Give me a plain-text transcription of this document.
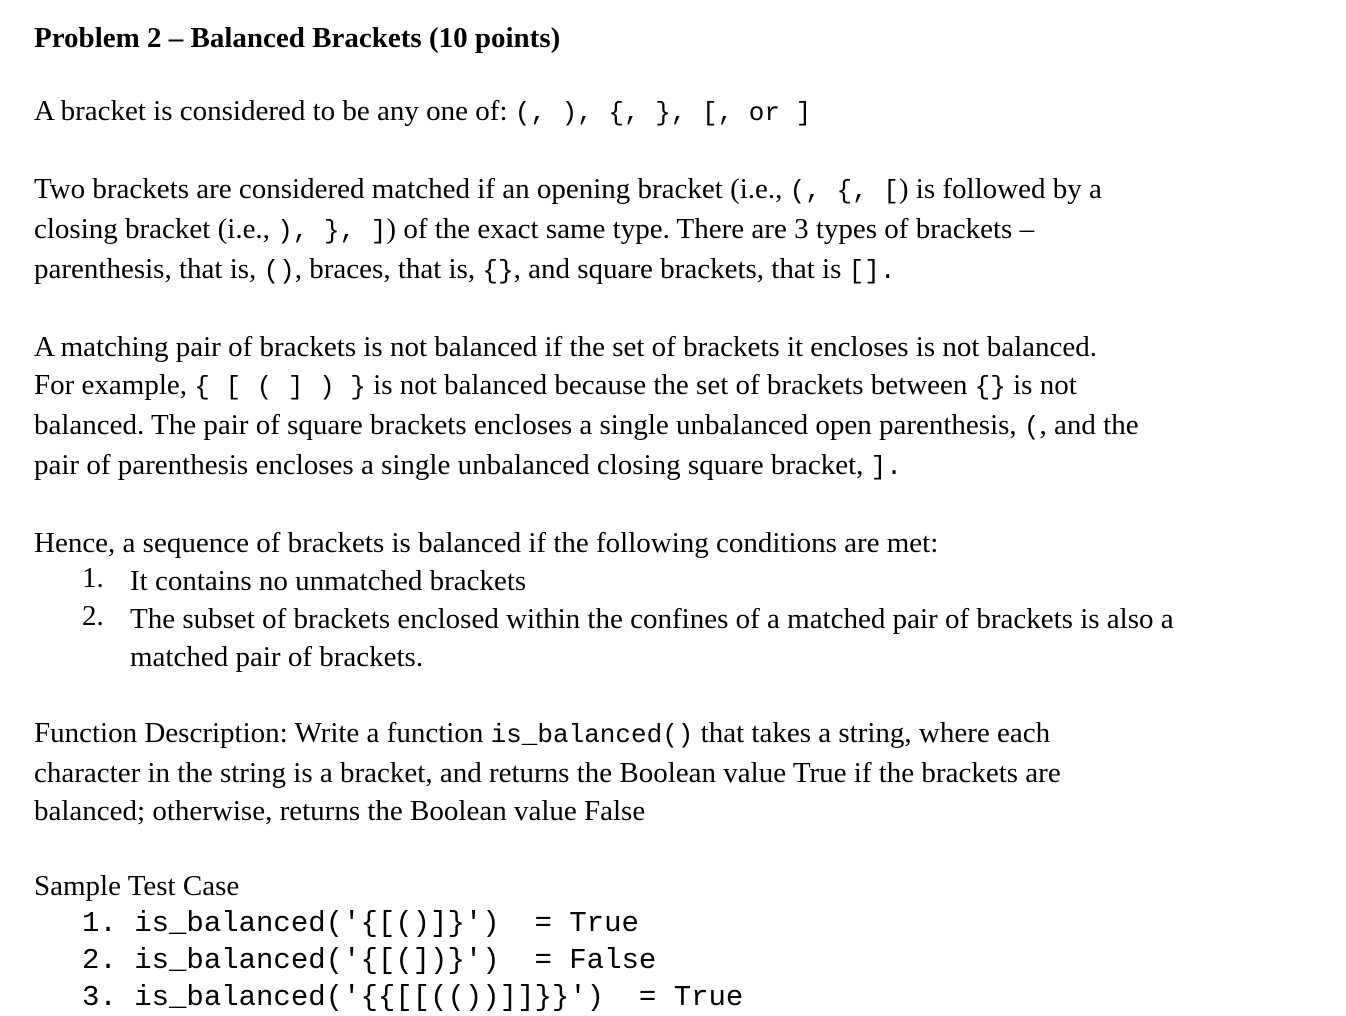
Problem 2 – Balanced Brackets (10 points)
A bracket is considered to be any one of: (, ), {, }, [, or ]
Two brackets are considered matched if an opening bracket (i.e., (, {, [) is followed by a
closing bracket (i.e., ), }, ]) of the exact same type. There are 3 types of brackets –
parenthesis, that is, (), braces, that is, {}, and square brackets, that is [].
A matching pair of brackets is not balanced if the set of brackets it encloses is not balanced.
For example, { [ ( ] ) } is not balanced because the set of brackets between {} is not
balanced. The pair of square brackets encloses a single unbalanced open parenthesis, (, and the
pair of parenthesis encloses a single unbalanced closing square bracket, ].
Hence, a sequence of brackets is balanced if the following conditions are met:
1. It contains no unmatched brackets
2. The subset of brackets enclosed within the confines of a matched pair of brackets is also a
matched pair of brackets.
Function Description: Write a function is_balanced() that takes a string, where each
character in the string is a bracket, and returns the Boolean value True if the brackets are
balanced; otherwise, returns the Boolean value False
Sample Test Case
1. is_balanced('{[()]}')  = True
2. is_balanced('{[(])}')  = False
3. is_balanced('{{[[(())]]}}')  = True
